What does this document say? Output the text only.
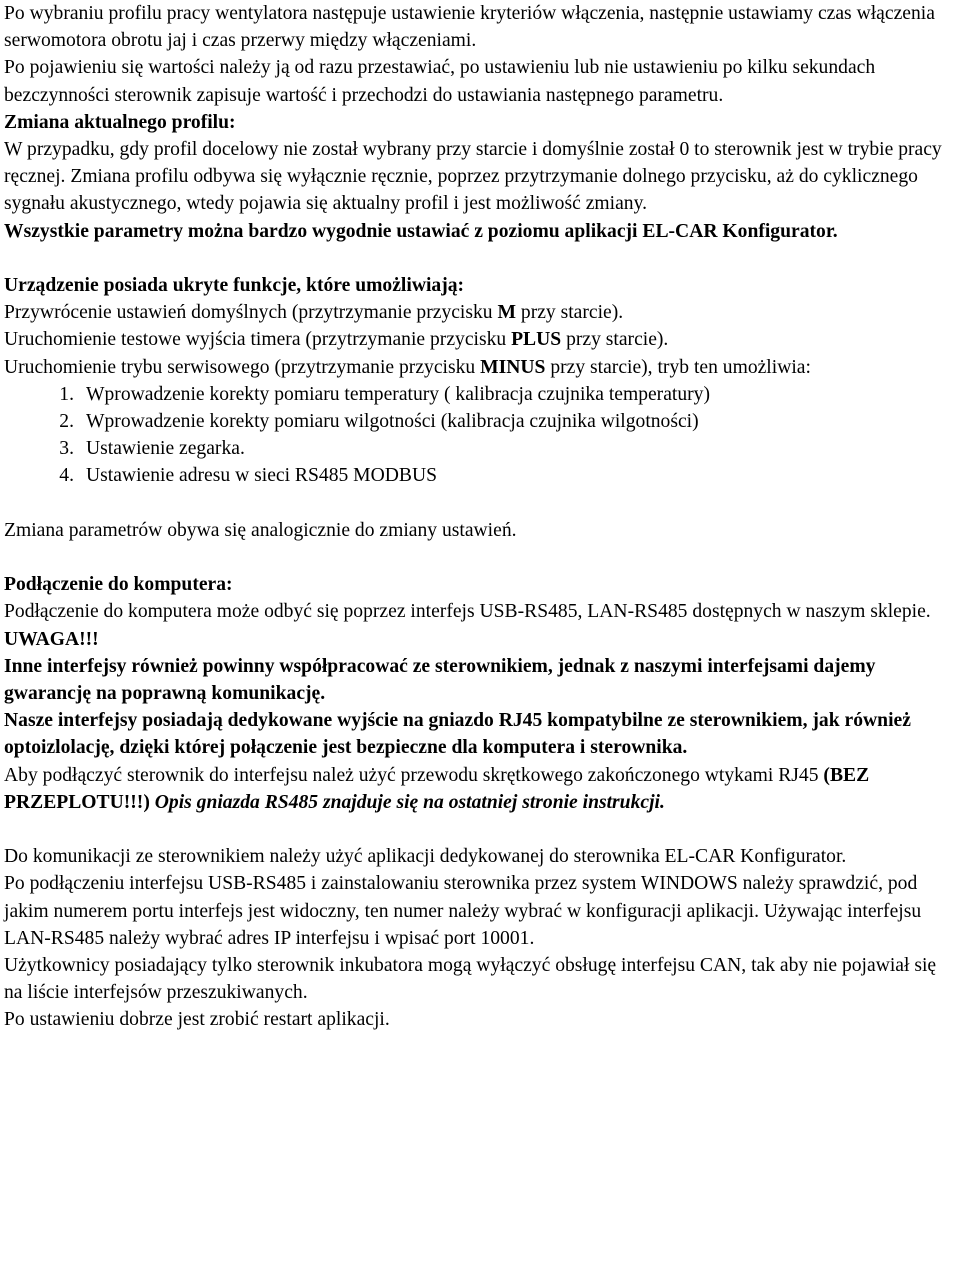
Po wybraniu profilu pracy wentylatora następuje ustawienie kryteriów włączenia, następnie ustawiamy czas włączenia serwomotora obrotu jaj i czas przerwy między włączeniami.

Po pojawieniu się wartości należy ją od razu przestawiać, po ustawieniu lub nie ustawieniu po kilku sekundach bezczynności sterownik zapisuje wartość i przechodzi do ustawiania następnego parametru.

Zmiana aktualnego profilu:

W przypadku, gdy profil docelowy nie został wybrany przy starcie i domyślnie został 0 to sterownik jest w trybie pracy ręcznej. Zmiana profilu odbywa się wyłącznie ręcznie, poprzez przytrzymanie dolnego przycisku, aż do cyklicznego sygnału akustycznego, wtedy pojawia się aktualny profil i jest możliwość zmiany.

Wszystkie parametry można bardzo wygodnie ustawiać z poziomu aplikacji EL-CAR Konfigurator.

Urządzenie posiada ukryte funkcje, które umożliwiają:

Przywrócenie ustawień domyślnych (przytrzymanie przycisku M przy starcie).

Uruchomienie testowe wyjścia timera (przytrzymanie przycisku PLUS przy starcie).

Uruchomienie trybu serwisowego (przytrzymanie przycisku MINUS przy starcie), tryb ten umożliwia:

1. Wprowadzenie korekty pomiaru temperatury ( kalibracja czujnika temperatury)
2. Wprowadzenie korekty pomiaru wilgotności (kalibracja czujnika wilgotności)
3. Ustawienie zegarka.
4. Ustawienie adresu w sieci RS485 MODBUS

Zmiana parametrów obywa się analogicznie do zmiany ustawień.

Podłączenie do komputera:

Podłączenie do komputera może odbyć się poprzez interfejs USB-RS485, LAN-RS485 dostępnych w naszym sklepie.

UWAGA!!!

Inne interfejsy również powinny współpracować ze sterownikiem, jednak z naszymi interfejsami dajemy gwarancję na poprawną komunikację.

Nasze interfejsy posiadają dedykowane wyjście na gniazdo RJ45 kompatybilne ze sterownikiem, jak również optoizlolację, dzięki której połączenie jest bezpieczne dla komputera i sterownika.

Aby podłączyć sterownik do interfejsu należ użyć przewodu skrętkowego zakończonego wtykami RJ45 (BEZ PRZEPLOTU!!!) Opis gniazda RS485 znajduje się na ostatniej stronie instrukcji.

Do komunikacji ze sterownikiem należy użyć aplikacji dedykowanej do sterownika EL-CAR Konfigurator.

Po podłączeniu interfejsu USB-RS485 i zainstalowaniu sterownika przez system WINDOWS należy sprawdzić, pod jakim numerem portu interfejs jest widoczny, ten numer należy wybrać w konfiguracji aplikacji. Używając interfejsu LAN-RS485 należy wybrać adres IP interfejsu i wpisać port 10001.

Użytkownicy posiadający tylko sterownik inkubatora mogą wyłączyć obsługę interfejsu CAN, tak aby nie pojawiał się na liście interfejsów przeszukiwanych.

Po ustawieniu dobrze jest zrobić restart aplikacji.
